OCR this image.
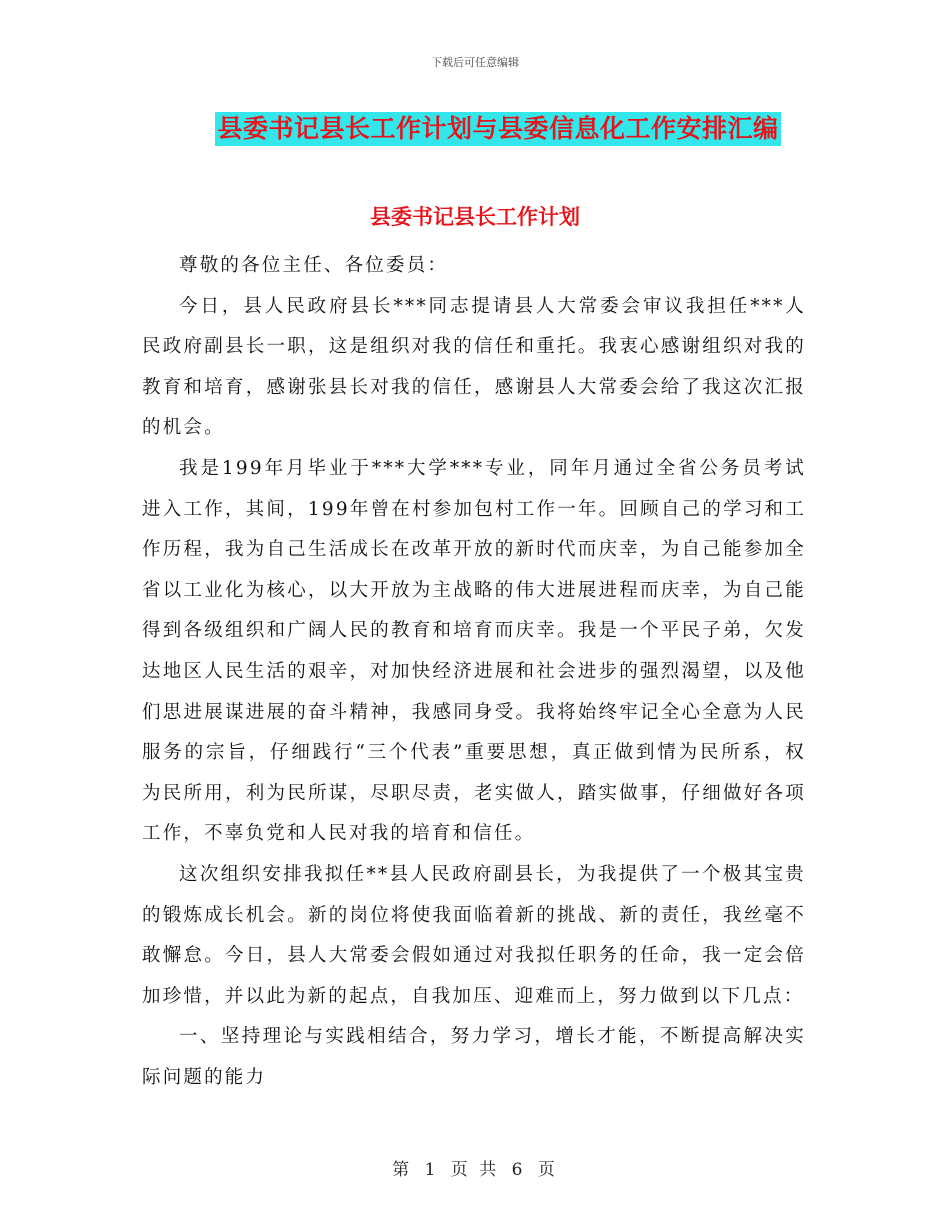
下载后可任意编辑
县委书记县长工作计划与县委信息化工作安排汇编
县委书记县长工作计划

尊敬的各位主任、各位委员：

今日，县人民政府县长***同志提请县人大常委会审议我担任***人民政府副县长一职，这是组织对我的信任和重托。我衷心感谢组织对我的教育和培育，感谢张县长对我的信任，感谢县人大常委会给了我这次汇报的机会。

我是199年月毕业于***大学***专业，同年月通过全省公务员考试进入工作，其间，199年曾在村参加包村工作一年。回顾自己的学习和工作历程，我为自己生活成长在改革开放的新时代而庆幸，为自己能参加全省以工业化为核心，以大开放为主战略的伟大进展进程而庆幸，为自己能得到各级组织和广阔人民的教育和培育而庆幸。我是一个平民子弟，欠发达地区人民生活的艰辛，对加快经济进展和社会进步的强烈渴望，以及他们思进展谋进展的奋斗精神，我感同身受。我将始终牢记全心全意为人民服务的宗旨，仔细践行“三个代表”重要思想，真正做到情为民所系，权为民所用，利为民所谋，尽职尽责，老实做人，踏实做事，仔细做好各项工作，不辜负党和人民对我的培育和信任。

这次组织安排我拟任**县人民政府副县长，为我提供了一个极其宝贵的锻炼成长机会。新的岗位将使我面临着新的挑战、新的责任，我丝毫不敢懈怠。今日，县人大常委会假如通过对我拟任职务的任命，我一定会倍加珍惜，并以此为新的起点，自我加压、迎难而上，努力做到以下几点：

一、坚持理论与实践相结合，努力学习，增长才能，不断提高解决实际问题的能力

第 1 页 共 6 页
